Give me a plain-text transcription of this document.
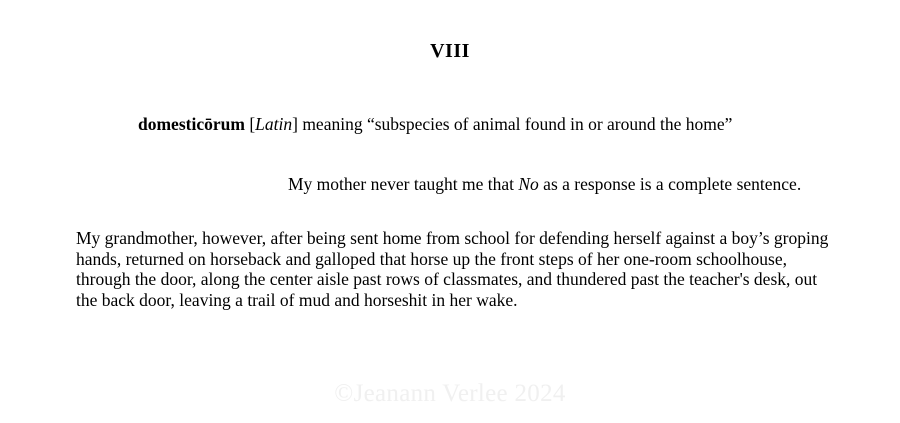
VIII
domesticōrum [Latin] meaning “subspecies of animal found in or around the home”
My mother never taught me that No as a response is a complete sentence.
My grandmother, however, after being sent home from school for defending herself against a boy’s groping hands, returned on horseback and galloped that horse up the front steps of her one-room schoolhouse, through the door, along the center aisle past rows of classmates, and thundered past the teacher's desk, out the back door, leaving a trail of mud and horseshit in her wake.
©Jeanann Verlee 2024
